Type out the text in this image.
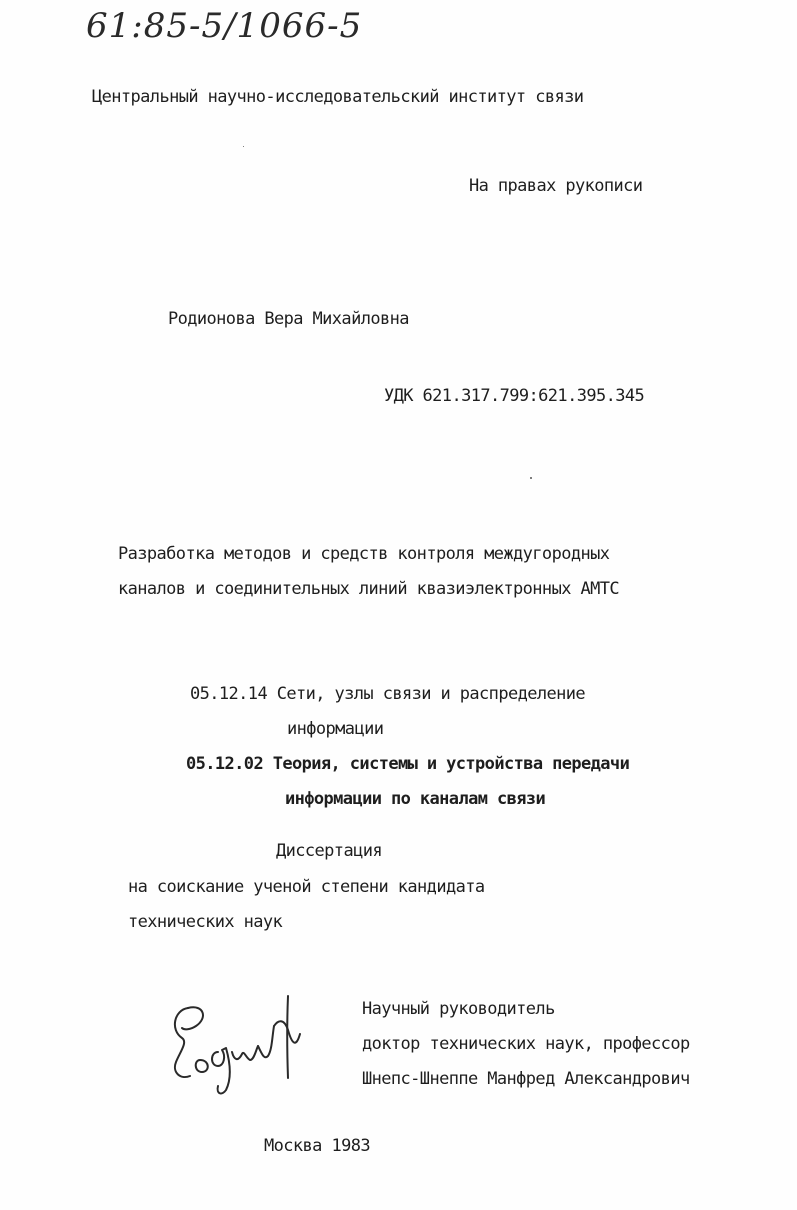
61:85-5/1066-5
Центральный научно-исследовательский институт связи
На правах рукописи
Родионова Вера Михайловна
УДК 621.317.799:621.395.345
Разработка методов и средств контроля междугородных
каналов и соединительных линий квазиэлектронных АМТС
05.12.14 Сети, узлы связи и распределение
информации
05.12.02 Теория, системы и устройства передачи
информации по каналам связи
Диссертация
на соискание ученой степени кандидата
технических наук
Научный руководитель
доктор технических наук, профессор
Шнепс-Шнеппе Манфред Александрович
Москва 1983
